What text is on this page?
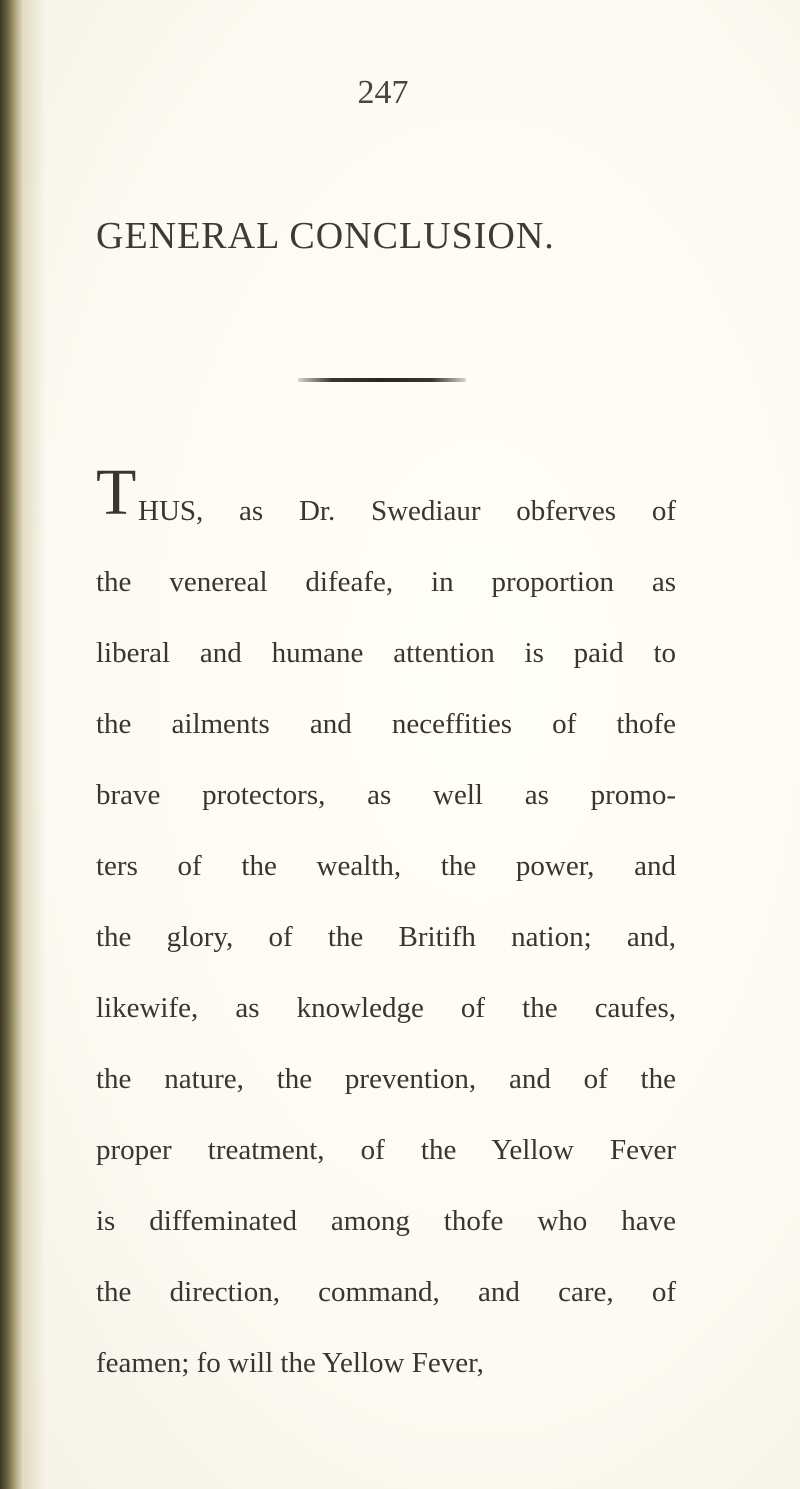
247
GENERAL CONCLUSION.
T HUS, as Dr. Swediaur obferves of
the venereal difeafe, in proportion as
liberal and humane attention is paid to
the ailments and neceffities of thofe
brave protectors, as well as promo-
ters of the wealth, the power, and
the glory, of the Britifh nation; and,
likewife, as knowledge of the caufes,
the nature, the prevention, and of the
proper treatment, of the Yellow Fever
is diffeminated among thofe who have
the direction, command, and care, of
feamen; fo will the Yellow Fever,
